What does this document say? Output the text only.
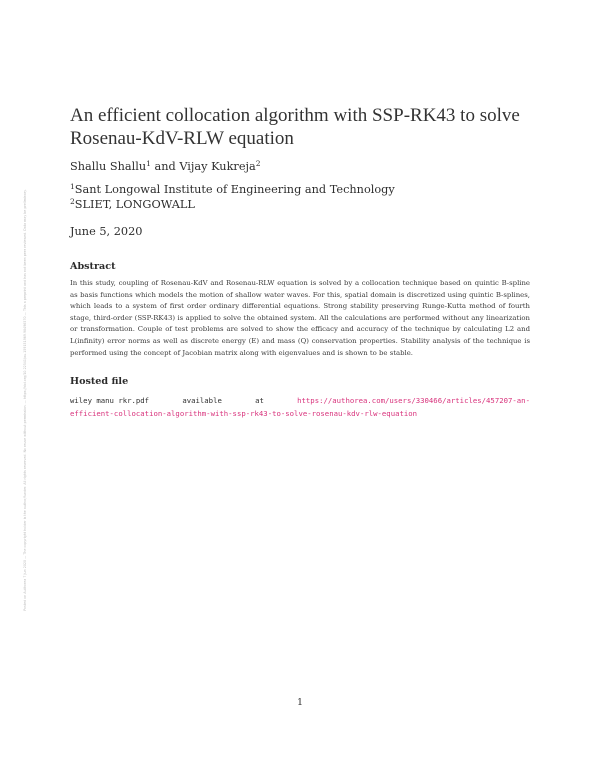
Posted on Authorea 7 Jun 2020 — The copyright holder is the author/funder. All rights reserved. No reuse without permission. — https://doi.org/10.22541/au.159151969.98496570 — This a preprint and has not been peer reviewed. Data may be preliminary.
An efficient collocation algorithm with SSP-RK43 to solve Rosenau-KdV-RLW equation
Shallu Shallu$^1$ and Vijay Kukreja$^2$
$^1$Sant Longowal Institute of Engineering and Technology
$^2$SLIET, LONGOWALL
June 5, 2020
Abstract

In this study, coupling of Rosenau-KdV and Rosenau-RLW equation is solved by a collocation technique based on quintic B-spline as basis functions which models the motion of shallow water waves. For this, spatial domain is discretized using quintic B-splines, which leads to a system of first order ordinary differential equations. Strong stability preserving Runge-Kutta method of fourth stage, third-order (SSP-RK43) is applied to solve the obtained system. All the calculations are performed without any linearization or transformation. Couple of test problems are solved to show the efficacy and accuracy of the technique by calculating L2 and L(infinity) error norms as well as discrete energy (E) and mass (Q) conservation properties. Stability analysis of the technique is performed using the concept of Jacobian matrix along with eigenvalues and is shown to be stable.

Hosted file
wiley manu rkr.pdf	available	at	https://authorea.com/users/330466/articles/457207-an-
efficient-collocation-algorithm-with-ssp-rk43-to-solve-rosenau-kdv-rlw-equation
1
